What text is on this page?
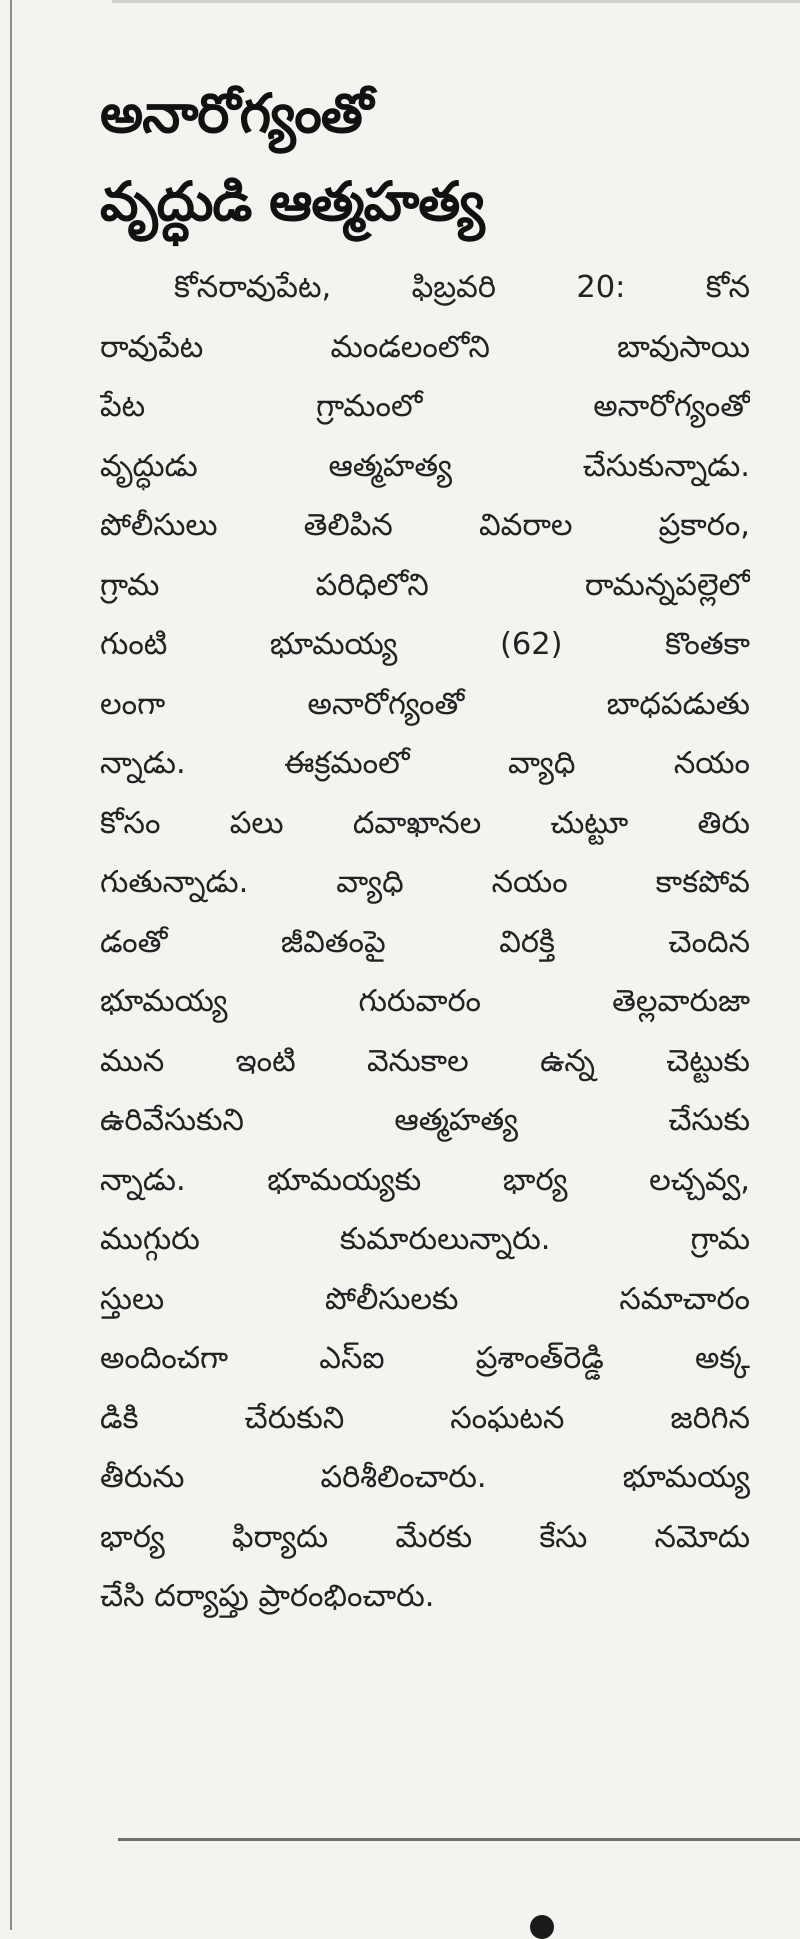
అనారోగ్యంతో
వృద్ధుడి ఆత్మహత్య
కోనరావుపేట, ఫిబ్రవరి 20: కోన
రావుపేట మండలంలోని బావుసాయి
పేట గ్రామంలో అనారోగ్యంతో
వృద్ధుడు ఆత్మహత్య చేసుకున్నాడు.
పోలీసులు తెలిపిన వివరాల ప్రకారం,
గ్రామ పరిధిలోని రామన్నపల్లెలో
గుంటి భూమయ్య (62) కొంతకా
లంగా అనారోగ్యంతో బాధపడుతు
న్నాడు. ఈక్రమంలో వ్యాధి నయం
కోసం పలు దవాఖానల చుట్టూ తిరు
గుతున్నాడు. వ్యాధి నయం కాకపోవ
డంతో జీవితంపై విరక్తి చెందిన
భూమయ్య గురువారం తెల్లవారుజా
మున ఇంటి వెనుకాల ఉన్న చెట్టుకు
ఉరివేసుకుని ఆత్మహత్య చేసుకు
న్నాడు. భూమయ్యకు భార్య లచ్చవ్వ,
ముగ్గురు కుమారులున్నారు. గ్రామ
స్తులు పోలీసులకు సమాచారం
అందించగా ఎస్ఐ ప్రశాంత్‌రెడ్డి అక్క
డికి చేరుకుని సంఘటన జరిగిన
తీరును పరిశీలించారు. భూమయ్య
భార్య ఫిర్యాదు మేరకు కేసు నమోదు
చేసి దర్యాప్తు ప్రారంభించారు.
